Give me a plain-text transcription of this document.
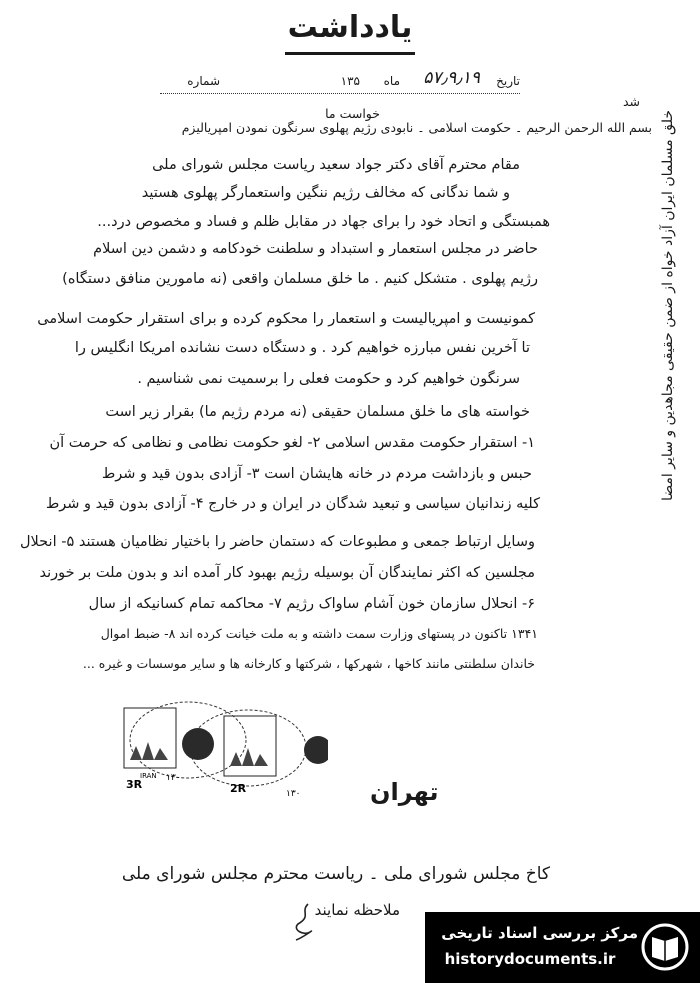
یادداشت
تاریخ
۵۷٫۹٫۱۹
ماه
۱۳۵
شماره
شد
خواست ما
بسم الله الرحمن الرحیم ۔ حکومت اسلامی ۔ نابودی رژیم پهلوی سرنگون نمودن امپریالیزم
مقام محترم آقای دکتر جواد سعید ریاست مجلس شورای ملی
و شما ندگانی که مخالف رژیم ننگین واستعمارگر پهلوی هستید
همبستگی و اتحاد خود را برای جهاد در مقابل ظلم و فساد و مخصوص درد...
حاضر در مجلس استعمار و استبداد و سلطنت خودکامه و دشمن دین اسلام
رژیم پهلوی . متشکل کنیم . ما خلق مسلمان واقعی (نه مامورین منافق دستگاه)
کمونیست و امپریالیست و استعمار را محکوم کرده و برای استقرار حکومت اسلامی
تا آخرین نفس مبارزه خواهیم کرد . و دستگاه دست نشانده امریکا انگلیس را
سرنگون خواهیم کرد و حکومت فعلی را برسمیت نمی شناسیم .
خواسته های ما خلق مسلمان حقیقی (نه مردم رژیم ما) بقرار زیر است
۱- استقرار حکومت مقدس اسلامی ۲- لغو حکومت نظامی و نظامی که حرمت آن
حبس و بازداشت مردم در خانه هایشان است ۳- آزادی بدون قید و شرط
کلیه زندانیان سیاسی و تبعید شدگان در ایران و در خارج ۴- آزادی بدون قید و شرط
وسایل ارتباط جمعی و مطبوعات که دستمان حاضر را باختیار نظامیان هستند ۵- انحلال
مجلسین که اکثر نمایندگان آن بوسیله رژیم بهبود کار آمده اند و بدون ملت بر خورند
۶- انحلال سازمان خون آشام ساواک رژیم ۷- محاکمه تمام کسانیکه از سال
۱۳۴۱ تاکنون در پستهای وزارت سمت داشته و به ملت خیانت کرده اند ۸- ضبط اموال
خاندان سلطنتی مانند کاخها ، شهرکها ، شرکتها و کارخانه ها و سایر موسسات و غیره ...
خلق مسلمان ایران آزاد خواه از ضمن حقیقی مجاهدین و سایر امضا
3R
IRAN ۱۳۰
2R	۱۳۰	تهران
کاخ مجلس شورای ملی ۔ ریاست محترم مجلس شورای ملی
ملاحظه نمایند
مرکز بررسی اسناد تاریخی
historydocuments.ir
